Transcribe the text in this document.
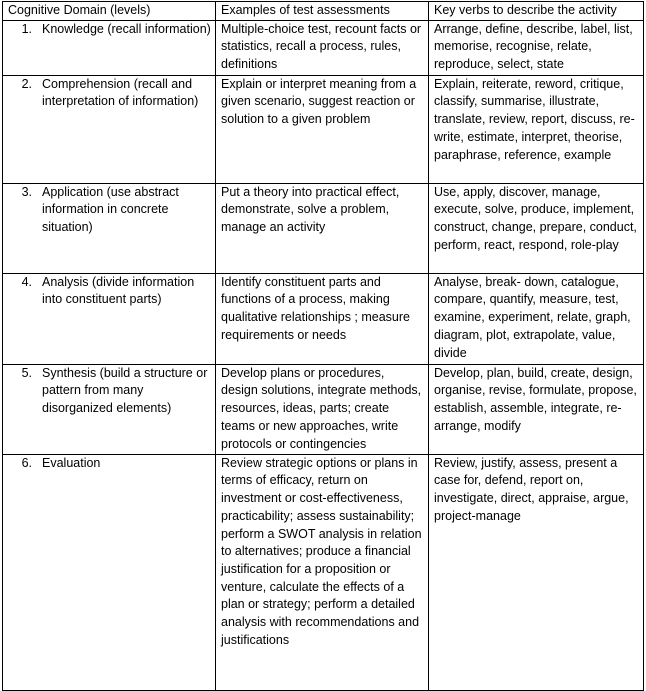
Cognitive Domain (levels)	Examples of test assessments	Key verbs to describe the activity

1. Knowledge (recall information)	Multiple-choice test, recount facts or statistics, recall a process, rules, definitions	Arrange, define, describe, label, list, memorise, recognise, relate, reproduce, select, state

2. Comprehension (recall and interpretation of information)	Explain or interpret meaning from a given scenario, suggest reaction or solution to a given problem	Explain, reiterate, reword, critique, classify, summarise, illustrate, translate, review, report, discuss, re-write, estimate, interpret, theorise, paraphrase, reference, example

3. Application (use abstract information in concrete situation)	Put a theory into practical effect, demonstrate, solve a problem, manage an activity	Use, apply, discover, manage, execute, solve, produce, implement, construct, change, prepare, conduct, perform, react, respond, role-play

4. Analysis (divide information into constituent parts)	Identify constituent parts and functions of a process, making qualitative relationships ; measure requirements or needs	Analyse, break- down, catalogue, compare, quantify, measure, test, examine, experiment, relate, graph, diagram, plot, extrapolate, value, divide

5. Synthesis (build a structure or pattern from many disorganized elements)	Develop plans or procedures, design solutions, integrate methods, resources, ideas, parts; create teams or new approaches, write protocols or contingencies	Develop, plan, build, create, design, organise, revise, formulate, propose, establish, assemble, integrate, re-arrange, modify

6. Evaluation	Review strategic options or plans in terms of efficacy, return on investment or cost-effectiveness, practicability; assess sustainability; perform a SWOT analysis in relation to alternatives; produce a financial justification for a proposition or venture, calculate the effects of a plan or strategy; perform a detailed analysis with recommendations and justifications	Review, justify, assess, present a case for, defend, report on, investigate, direct, appraise, argue, project-manage
